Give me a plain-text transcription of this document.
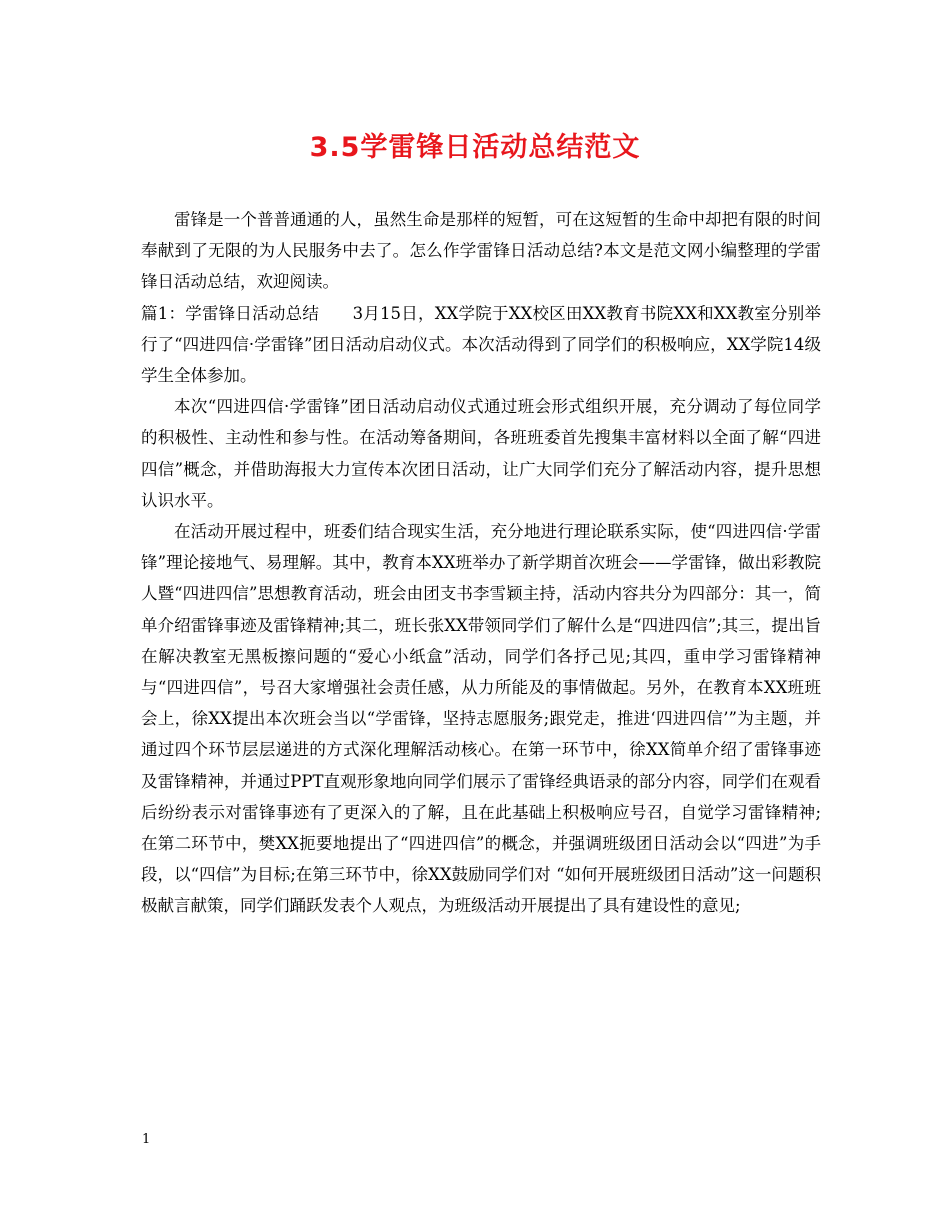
3.5学雷锋日活动总结范文

雷锋是一个普普通通的人，虽然生命是那样的短暂，可在这短暂的生命中却把有限的时间奉献到了无限的为人民服务中去了。怎么作学雷锋日活动总结?本文是范文网小编整理的学雷锋日活动总结，欢迎阅读。

篇1：学雷锋日活动总结　　3月15日，XX学院于XX校区田XX教育书院XX和XX教室分别举行了“四进四信·学雷锋”团日活动启动仪式。本次活动得到了同学们的积极响应，XX学院14级学生全体参加。

本次“四进四信·学雷锋”团日活动启动仪式通过班会形式组织开展，充分调动了每位同学的积极性、主动性和参与性。在活动筹备期间，各班班委首先搜集丰富材料以全面了解“四进四信”概念，并借助海报大力宣传本次团日活动，让广大同学们充分了解活动内容，提升思想认识水平。

在活动开展过程中，班委们结合现实生活，充分地进行理论联系实际，使“四进四信·学雷锋”理论接地气、易理解。其中，教育本XX班举办了新学期首次班会——学雷锋，做出彩教院人暨“四进四信”思想教育活动，班会由团支书李雪颖主持，活动内容共分为四部分：其一，简单介绍雷锋事迹及雷锋精神;其二，班长张XX带领同学们了解什么是“四进四信”;其三，提出旨在解决教室无黑板擦问题的“爱心小纸盒”活动，同学们各抒己见;其四，重申学习雷锋精神与“四进四信”，号召大家增强社会责任感，从力所能及的事情做起。另外，在教育本XX班班会上，徐XX提出本次班会当以“学雷锋，坚持志愿服务;跟党走，推进‘四进四信’”为主题，并通过四个环节层层递进的方式深化理解活动核心。在第一环节中，徐XX简单介绍了雷锋事迹及雷锋精神，并通过PPT直观形象地向同学们展示了雷锋经典语录的部分内容，同学们在观看后纷纷表示对雷锋事迹有了更深入的了解，且在此基础上积极响应号召，自觉学习雷锋精神;在第二环节中，樊XX扼要地提出了“四进四信”的概念，并强调班级团日活动会以“四进”为手段，以“四信”为目标;在第三环节中，徐XX鼓励同学们对 “如何开展班级团日活动”这一问题积极献言献策，同学们踊跃发表个人观点，为班级活动开展提出了具有建设性的意见;

1
